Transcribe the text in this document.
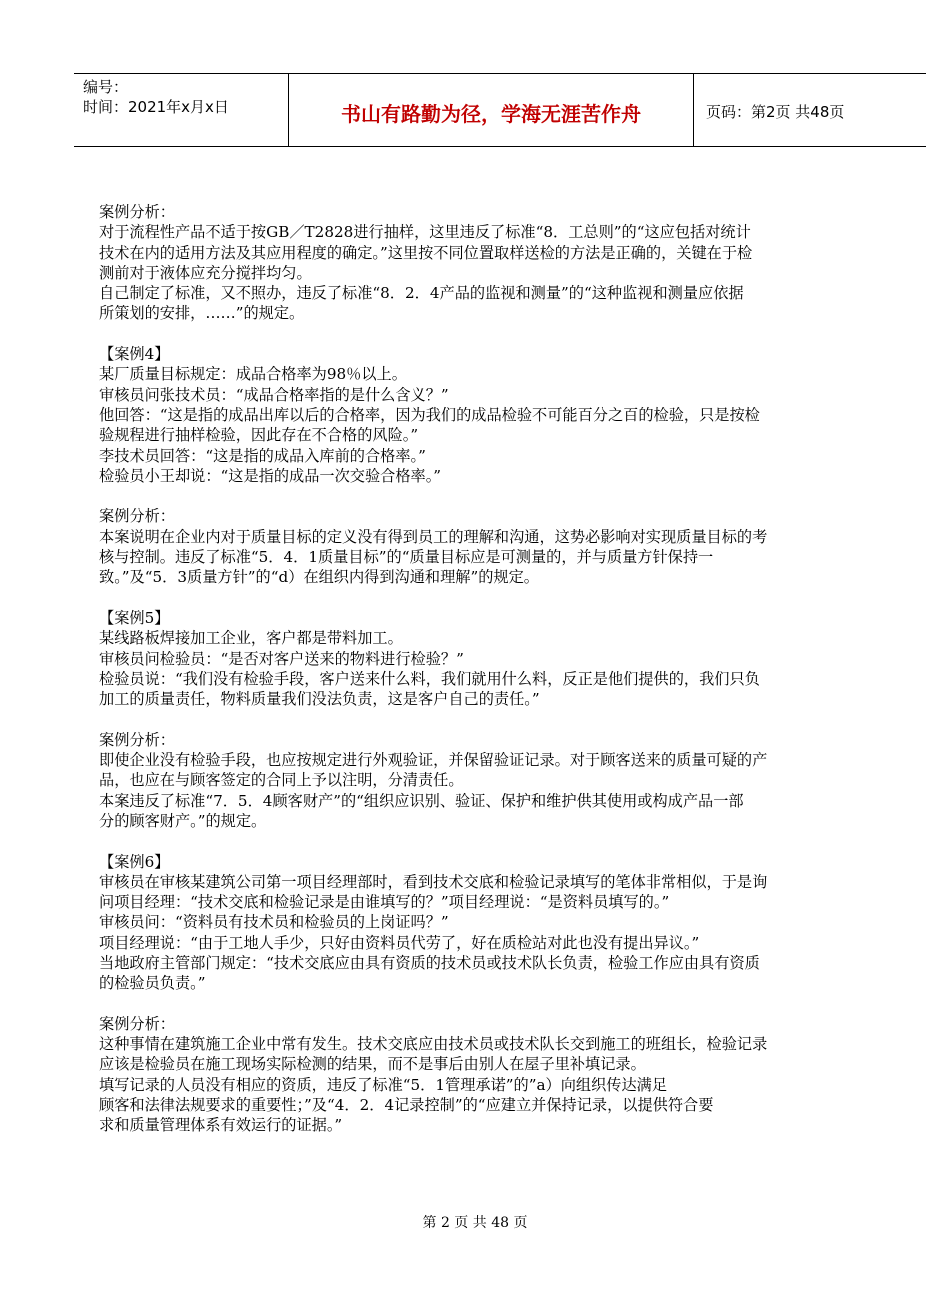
编号：
时间：2021年x月x日	书山有路勤为径，学海无涯苦作舟	页码：第2页 共48页
案例分析：
对于流程性产品不适于按GB／T2828进行抽样，这里违反了标准“8．工总则”的“这应包括对统计
技术在内的适用方法及其应用程度的确定。”这里按不同位置取样送检的方法是正确的，关键在于检
测前对于液体应充分搅拌均匀。
自己制定了标准，又不照办，违反了标准“8．2．4产品的监视和测量”的“这种监视和测量应依据
所策划的安排，……”的规定。
【案例4】
某厂质量目标规定：成品合格率为98％以上。
审核员问张技术员：“成品合格率指的是什么含义？”
他回答：“这是指的成品出库以后的合格率，因为我们的成品检验不可能百分之百的检验，只是按检
验规程进行抽样检验，因此存在不合格的风险。”
李技术员回答：“这是指的成品入库前的合格率。”
检验员小王却说：“这是指的成品一次交验合格率。”
案例分析：
本案说明在企业内对于质量目标的定义没有得到员工的理解和沟通，这势必影响对实现质量目标的考
核与控制。违反了标准“5．4．1质量目标”的“质量目标应是可测量的，并与质量方针保持一
致。”及“5．3质量方针”的“d）在组织内得到沟通和理解”的规定。
【案例5】
某线路板焊接加工企业，客户都是带料加工。
审核员问检验员：“是否对客户送来的物料进行检验？”
检验员说：“我们没有检验手段，客户送来什么料，我们就用什么料，反正是他们提供的，我们只负
加工的质量责任，物料质量我们没法负责，这是客户自己的责任。”
案例分析：
即使企业没有检验手段，也应按规定进行外观验证，并保留验证记录。对于顾客送来的质量可疑的产
品，也应在与顾客签定的合同上予以注明，分清责任。
本案违反了标准“7．5．4顾客财产”的“组织应识别、验证、保护和维护供其使用或构成产品一部
分的顾客财产。”的规定。
【案例6】
审核员在审核某建筑公司第一项目经理部时，看到技术交底和检验记录填写的笔体非常相似，于是询
问项目经理：“技术交底和检验记录是由谁填写的？”项目经理说：“是资料员填写的。”
审核员问：“资料员有技术员和检验员的上岗证吗？”
项目经理说：“由于工地人手少，只好由资料员代劳了，好在质检站对此也没有提出异议。”
当地政府主管部门规定：“技术交底应由具有资质的技术员或技术队长负责，检验工作应由具有资质
的检验员负责。”
案例分析：
这种事情在建筑施工企业中常有发生。技术交底应由技术员或技术队长交到施工的班组长，检验记录
应该是检验员在施工现场实际检测的结果，而不是事后由别人在屋子里补填记录。
填写记录的人员没有相应的资质，违反了标准“5．1管理承诺”的”a）向组织传达满足
顾客和法律法规要求的重要性；”及“4．2．4记录控制”的“应建立并保持记录，以提供符合要
求和质量管理体系有效运行的证据。”
第 2 页 共 48 页
